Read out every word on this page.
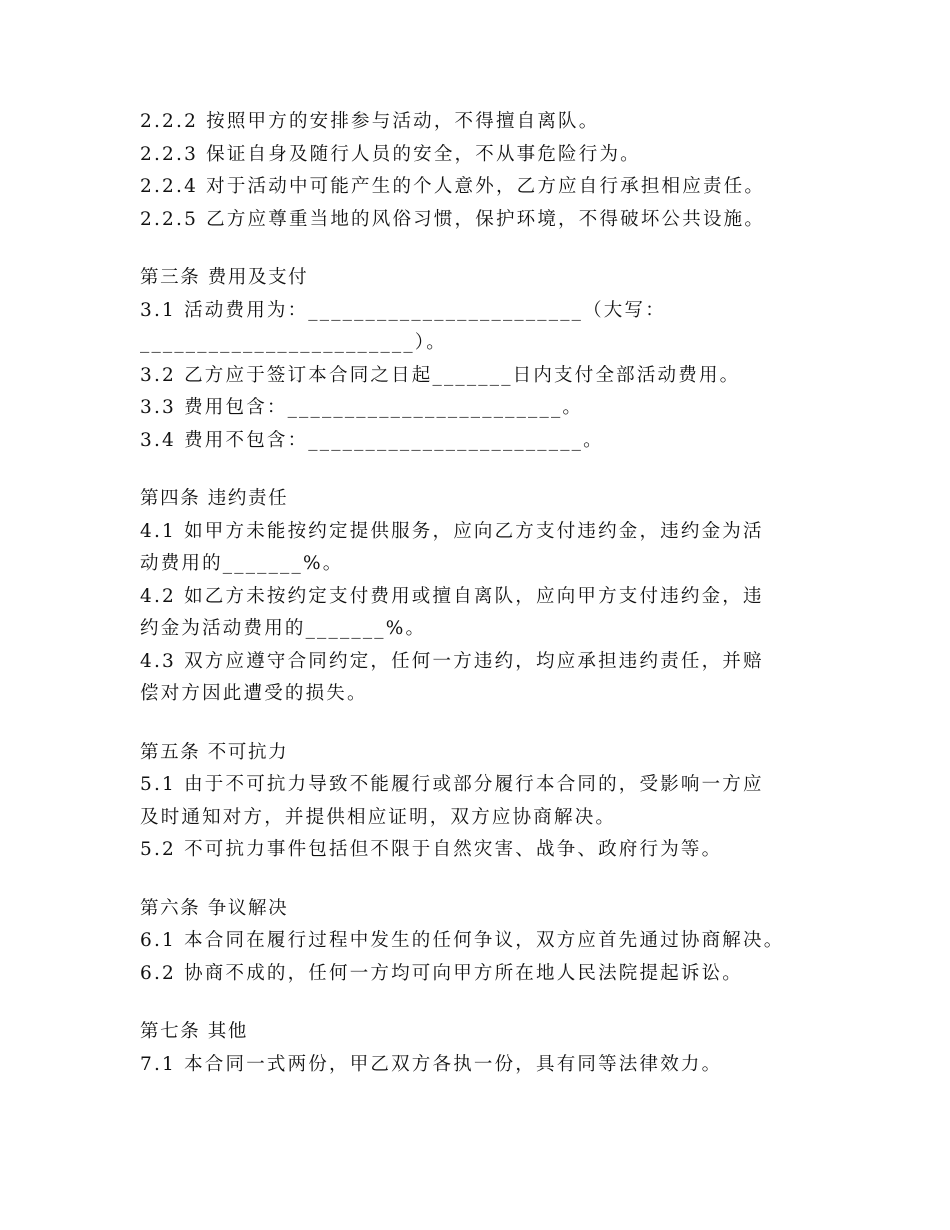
2.2.2 按照甲方的安排参与活动，不得擅自离队。
2.2.3 保证自身及随行人员的安全，不从事危险行为。
2.2.4 对于活动中可能产生的个人意外，乙方应自行承担相应责任。
2.2.5 乙方应尊重当地的风俗习惯，保护环境，不得破坏公共设施。
第三条 费用及支付
3.1 活动费用为：________________________（大写：
________________________）。
3.2 乙方应于签订本合同之日起_______日内支付全部活动费用。
3.3 费用包含：________________________。
3.4 费用不包含：________________________。
第四条 违约责任
4.1 如甲方未能按约定提供服务，应向乙方支付违约金，违约金为活
动费用的_______%。
4.2 如乙方未按约定支付费用或擅自离队，应向甲方支付违约金，违
约金为活动费用的_______%。
4.3 双方应遵守合同约定，任何一方违约，均应承担违约责任，并赔
偿对方因此遭受的损失。
第五条 不可抗力
5.1 由于不可抗力导致不能履行或部分履行本合同的，受影响一方应
及时通知对方，并提供相应证明，双方应协商解决。
5.2 不可抗力事件包括但不限于自然灾害、战争、政府行为等。
第六条 争议解决
6.1 本合同在履行过程中发生的任何争议，双方应首先通过协商解决。
6.2 协商不成的，任何一方均可向甲方所在地人民法院提起诉讼。
第七条 其他
7.1 本合同一式两份，甲乙双方各执一份，具有同等法律效力。
